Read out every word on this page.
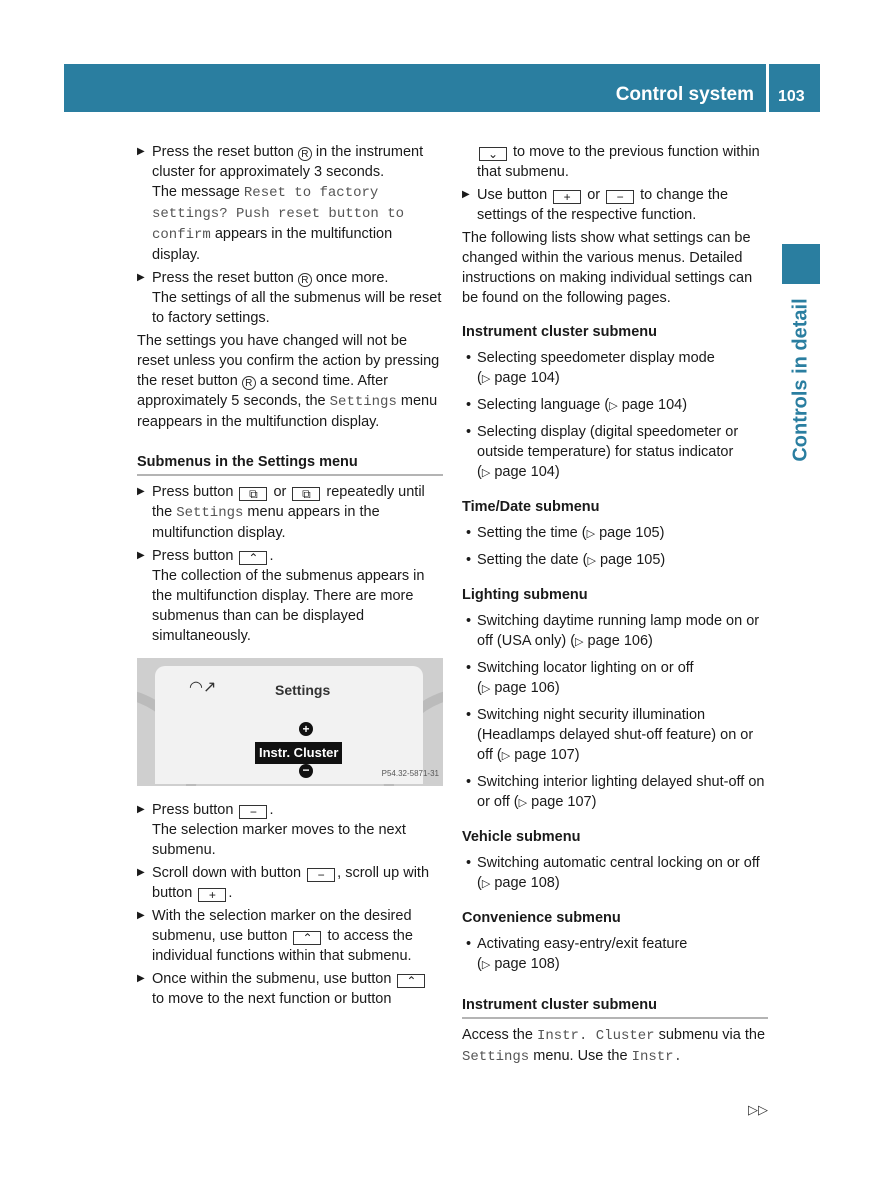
Control system 103
Controls in detail
▶ Press the reset button R in the instrument cluster for approximately 3 seconds.
The message Reset to factory settings? Push reset button to confirm appears in the multifunction display.
▶ Press the reset button R once more.
The settings of all the submenus will be reset to factory settings.

The settings you have changed will not be reset unless you confirm the action by pressing the reset button R a second time. After approximately 5 seconds, the Settings menu reappears in the multifunction display.

Submenus in the Settings menu
▶ Press button ⧉ or ⧉ repeatedly until the Settings menu appears in the multifunction display.
▶ Press button ⌃ .
The collection of the submenus appears in the multifunction display. There are more submenus than can be displayed simultaneously.
◠↗	Settings
+
Instr. Cluster
−	P54.32-5871-31
▶ Press button − .
The selection marker moves to the next submenu.
▶ Scroll down with button − , scroll up with button + .
▶ With the selection marker on the desired submenu, use button ⌃ to access the individual functions within that submenu.
▶ Once within the submenu, use button ⌃ to move to the next function or button

⌄ to move to the previous function within that submenu.

▶ Use button + or − to change the settings of the respective function.

The following lists show what settings can be changed within the various menus. Detailed instructions on making individual settings can be found on the following pages.

Instrument cluster submenu
• Selecting speedometer display mode
(▷ page 104)
• Selecting language (▷ page 104)
• Selecting display (digital speedometer or outside temperature) for status indicator
(▷ page 104)
Time/Date submenu
• Setting the time (▷ page 105)
• Setting the date (▷ page 105)
Lighting submenu
• Switching daytime running lamp mode on or off (USA only) (▷ page 106)
• Switching locator lighting on or off
(▷ page 106)
• Switching night security illumination (Headlamps delayed shut-off feature) on or off (▷ page 107)
• Switching interior lighting delayed shut-off on or off (▷ page 107)
Vehicle submenu
• Switching automatic central locking on or off (▷ page 108)
Convenience submenu
• Activating easy-entry/exit feature
(▷ page 108)
Instrument cluster submenu

Access the Instr. Cluster submenu via the Settings menu. Use the Instr.

▷▷
